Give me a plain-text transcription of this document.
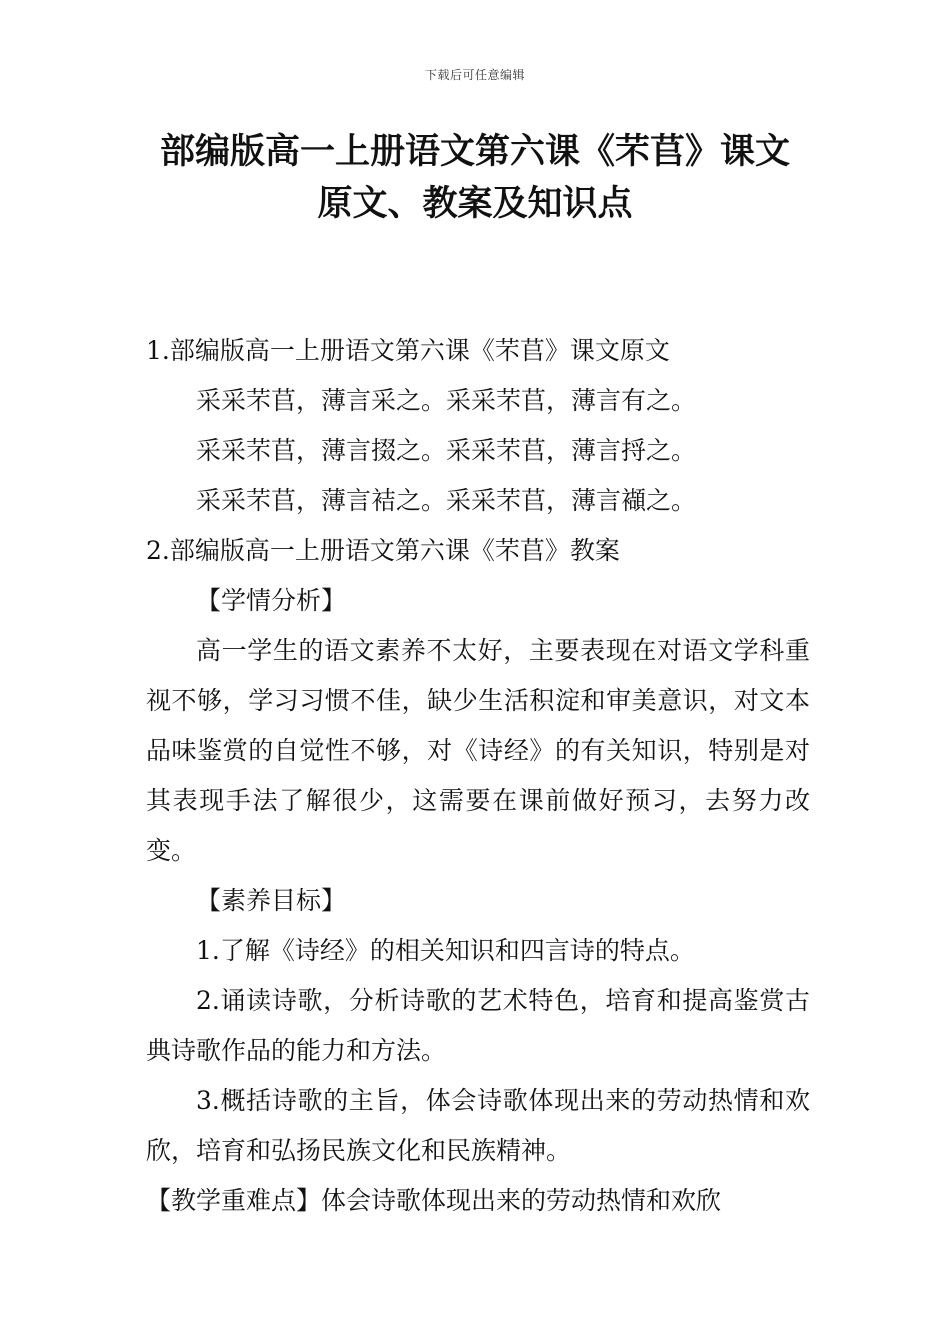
下载后可任意编辑
部编版高一上册语文第六课《芣苢》课文
原文、教案及知识点
1.部编版高一上册语文第六课《芣苢》课文原文
采采芣苢，薄言采之。采采芣苢，薄言有之。
采采芣苢，薄言掇之。采采芣苢，薄言捋之。
采采芣苢，薄言袺之。采采芣苢，薄言襭之。
2.部编版高一上册语文第六课《芣苢》教案
【学情分析】
高一学生的语文素养不太好，主要表现在对语文学科重视不够，学习习惯不佳，缺少生活积淀和审美意识，对文本品味鉴赏的自觉性不够，对《诗经》的有关知识，特别是对其表现手法了解很少，这需要在课前做好预习，去努力改变。
【素养目标】
1.了解《诗经》的相关知识和四言诗的特点。
2.诵读诗歌，分析诗歌的艺术特色，培育和提高鉴赏古典诗歌作品的能力和方法。
3.概括诗歌的主旨，体会诗歌体现出来的劳动热情和欢欣，培育和弘扬民族文化和民族精神。
【教学重难点】体会诗歌体现出来的劳动热情和欢欣
